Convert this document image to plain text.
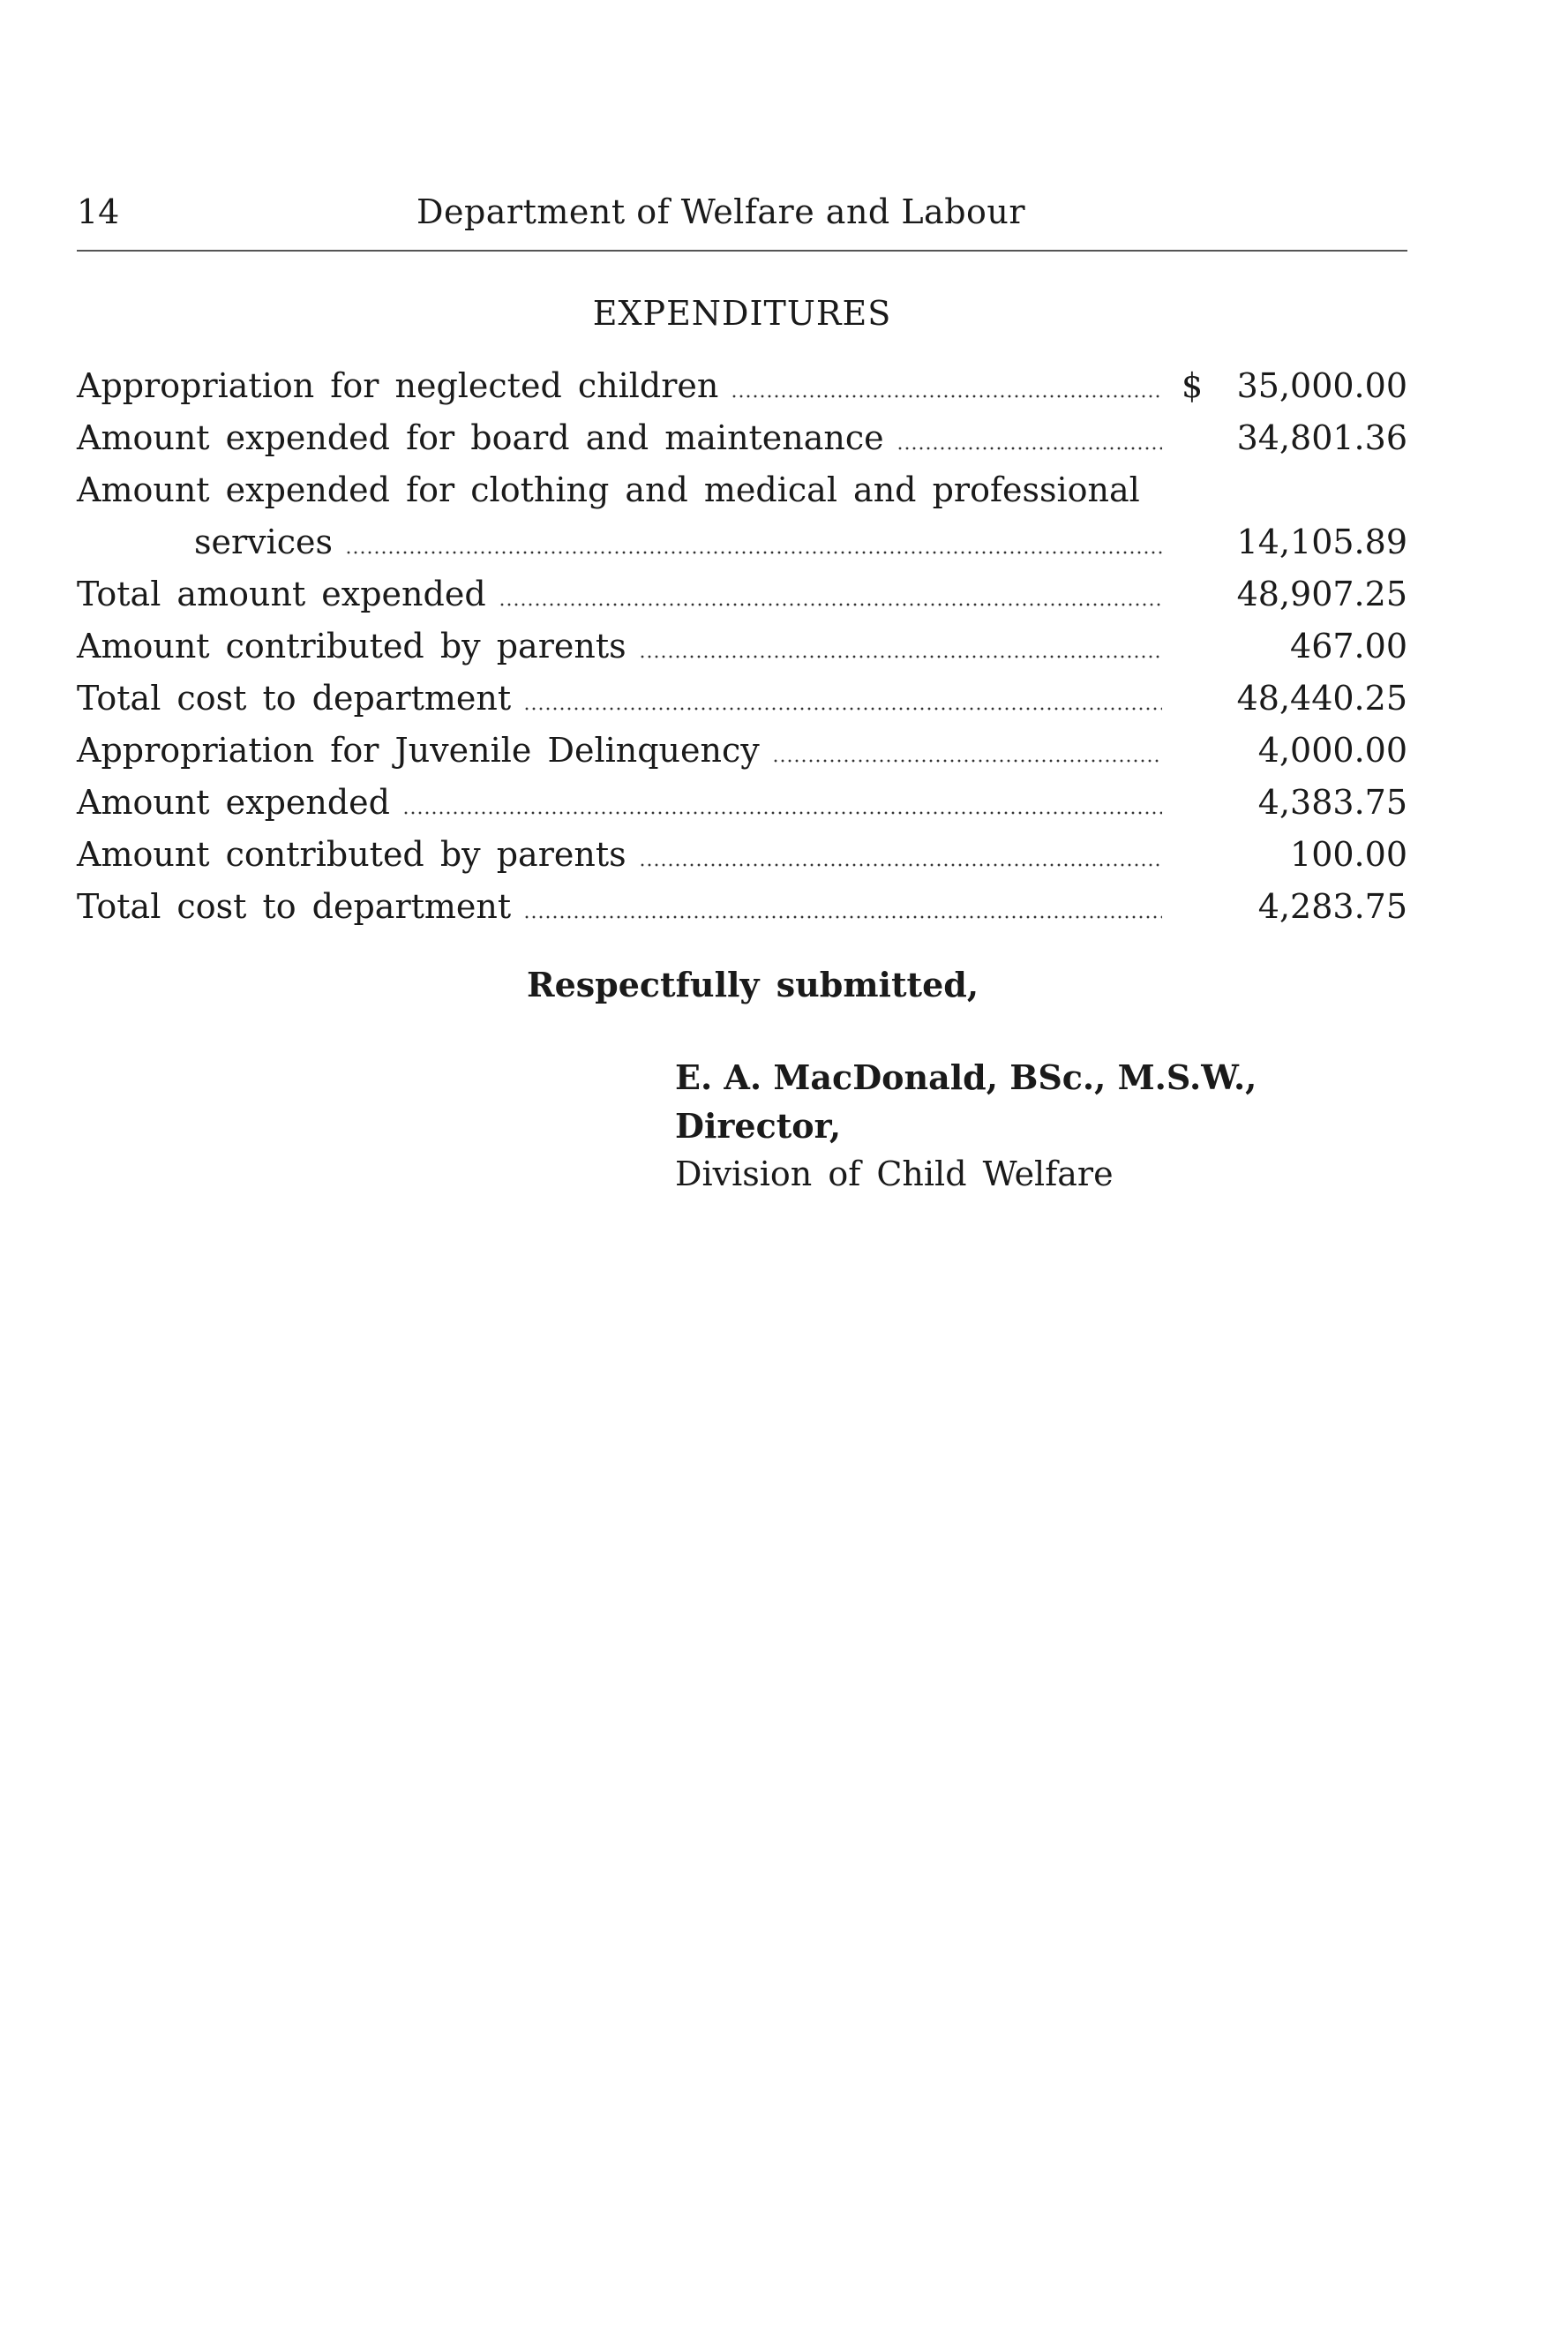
14	Department of Welfare and Labour
EXPENDITURES
Appropriation for neglected children	$ 35,000.00
Amount expended for board and maintenance	34,801.36
Amount expended for clothing and medical and professional
services	14,105.89
Total amount expended	48,907.25
Amount contributed by parents	467.00
Total cost to department	48,440.25
Appropriation for Juvenile Delinquency	4,000.00
Amount expended	4,383.75
Amount contributed by parents	100.00
Total cost to department	4,283.75
Respectfully submitted,
E. A. MacDonald, BSc., M.S.W.,
Director,
Division of Child Welfare
